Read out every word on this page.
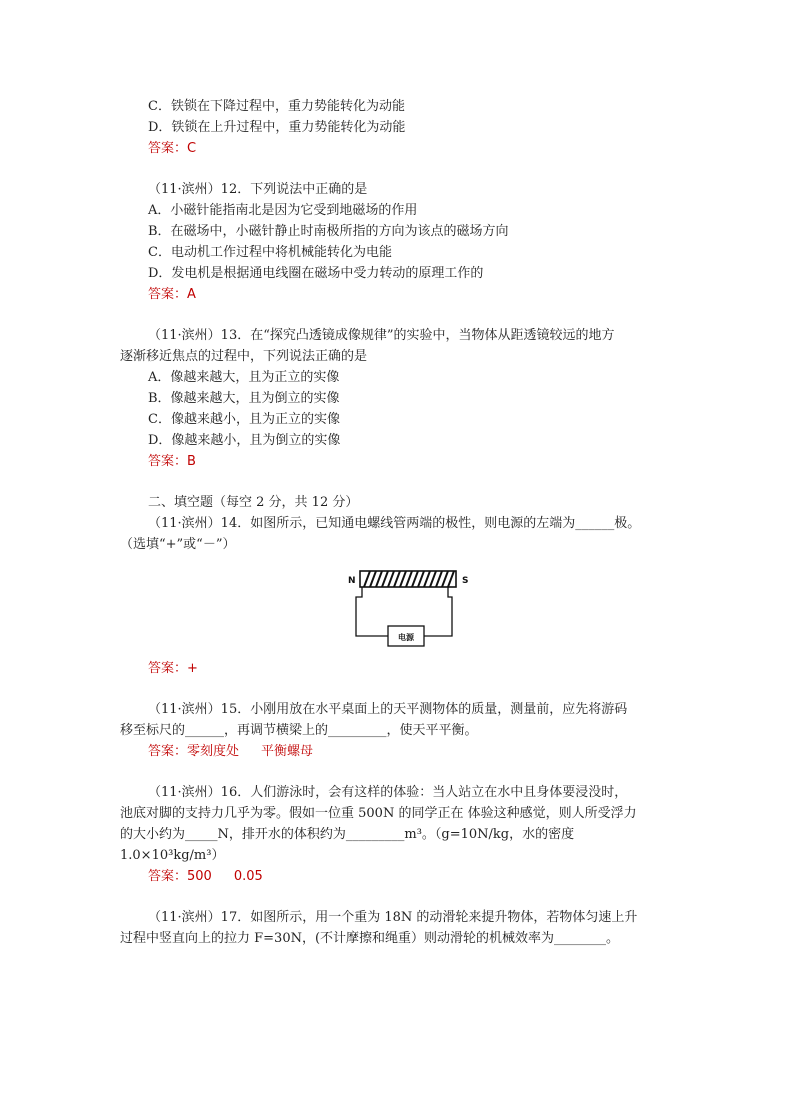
C．铁锁在下降过程中，重力势能转化为动能
D．铁锁在上升过程中，重力势能转化为动能
答案：C
（11·滨州）12．下列说法中正确的是
A．小磁针能指南北是因为它受到地磁场的作用
B．在磁场中，小磁针静止时南极所指的方向为该点的磁场方向
C．电动机工作过程中将机械能转化为电能
D．发电机是根据通电线圈在磁场中受力转动的原理工作的
答案：A
（11·滨州）13．在“探究凸透镜成像规律”的实验中，当物体从距透镜较远的地方
逐渐移近焦点的过程中，下列说法正确的是
A．像越来越大，且为正立的实像
B．像越来越大，且为倒立的实像
C．像越来越小，且为正立的实像
D．像越来越小，且为倒立的实像
答案：B
二、填空题（每空 2 分，共 12 分）
（11·滨州）14．如图所示，已知通电螺线管两端的极性，则电源的左端为______极。
（选填“+”或“－”）
N	S
电源
答案：+
（11·滨州）15．小刚用放在水平桌面上的天平测物体的质量，测量前，应先将游码
移至标尺的______，再调节横梁上的_________，使天平平衡。
答案：零刻度处 平衡螺母
（11·滨州）16．人们游泳时，会有这样的体验：当人站立在水中且身体要浸没时，
池底对脚的支持力几乎为零。假如一位重 500N 的同学正在 体验这种感觉，则人所受浮力
的大小约为_____N，排开水的体积约为_________m³。（g=10N/kg，水的密度
1.0×10³kg/m³）
答案：500 0.05
（11·滨州）17．如图所示，用一个重为 18N 的动滑轮来提升物体，若物体匀速上升
过程中竖直向上的拉力 F=30N，(不计摩擦和绳重）则动滑轮的机械效率为________。
